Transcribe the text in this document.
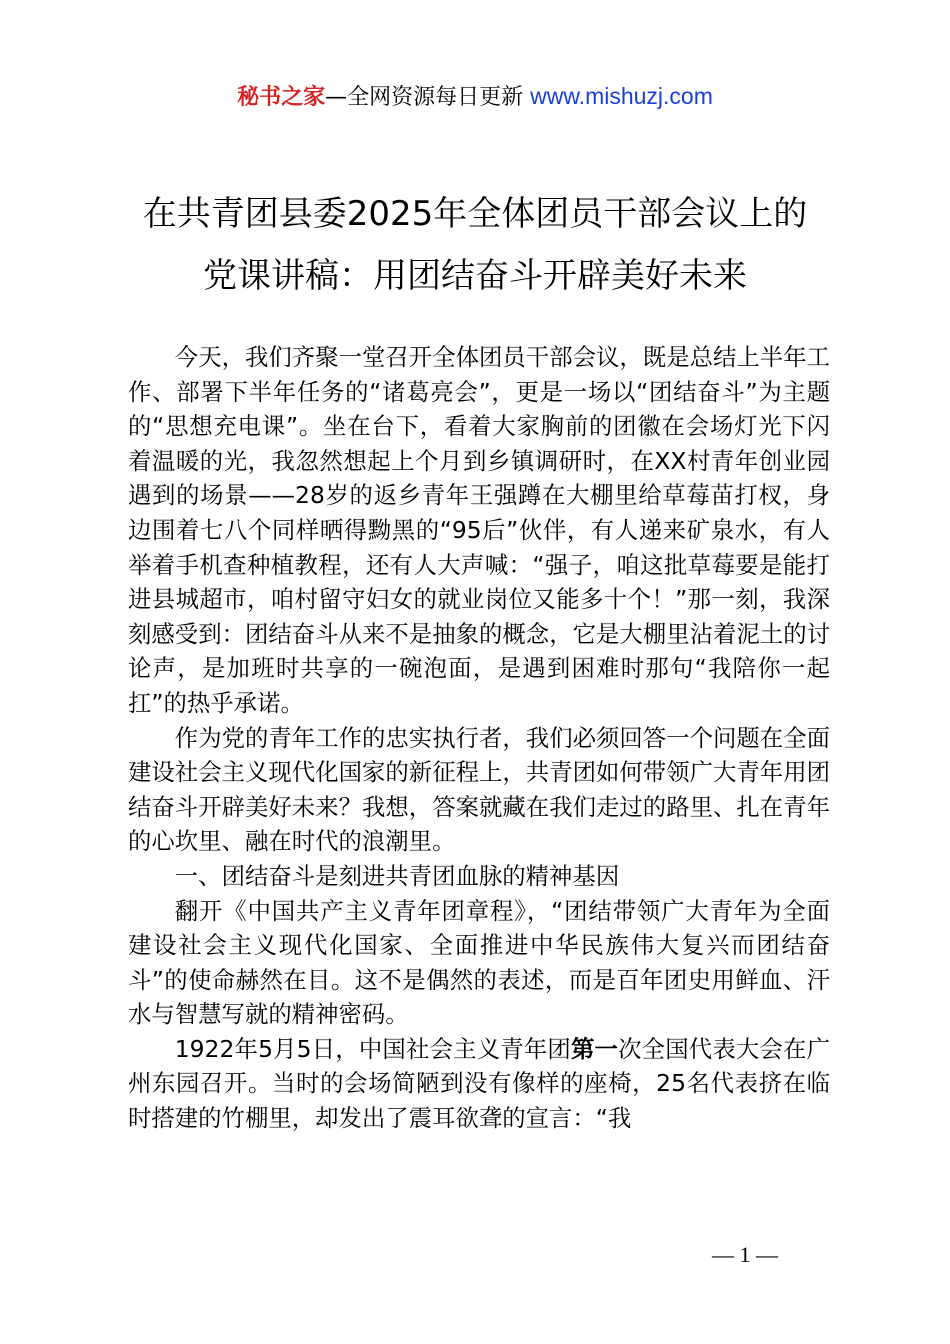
秘书之家—全网资源每日更新 www.mishuzj.com
在共青团县委2025年全体团员干部会议上的
党课讲稿：用团结奋斗开辟美好未来

今天，我们齐聚一堂召开全体团员干部会议，既是总结上半年工作、部署下半年任务的“诸葛亮会”，更是一场以“团结奋斗”为主题的“思想充电课”。坐在台下，看着大家胸前的团徽在会场灯光下闪着温暖的光，我忽然想起上个月到乡镇调研时，在XX村青年创业园遇到的场景——28岁的返乡青年王强蹲在大棚里给草莓苗打杈，身边围着七八个同样晒得黝黑的“95后”伙伴，有人递来矿泉水，有人举着手机查种植教程，还有人大声喊：“强子，咱这批草莓要是能打进县城超市，咱村留守妇女的就业岗位又能多十个！”那一刻，我深刻感受到：团结奋斗从来不是抽象的概念，它是大棚里沾着泥土的讨论声，是加班时共享的一碗泡面，是遇到困难时那句“我陪你一起扛”的热乎承诺。

作为党的青年工作的忠实执行者，我们必须回答一个问题在全面建设社会主义现代化国家的新征程上，共青团如何带领广大青年用团结奋斗开辟美好未来？我想，答案就藏在我们走过的路里、扎在青年的心坎里、融在时代的浪潮里。

一、团结奋斗是刻进共青团血脉的精神基因

翻开《中国共产主义青年团章程》，“团结带领广大青年为全面建设社会主义现代化国家、全面推进中华民族伟大复兴而团结奋斗”的使命赫然在目。这不是偶然的表述，而是百年团史用鲜血、汗水与智慧写就的精神密码。

1922年5月5日，中国社会主义青年团第一次全国代表大会在广州东园召开。当时的会场简陋到没有像样的座椅，25名代表挤在临时搭建的竹棚里，却发出了震耳欲聋的宣言：“我

— 1 —
